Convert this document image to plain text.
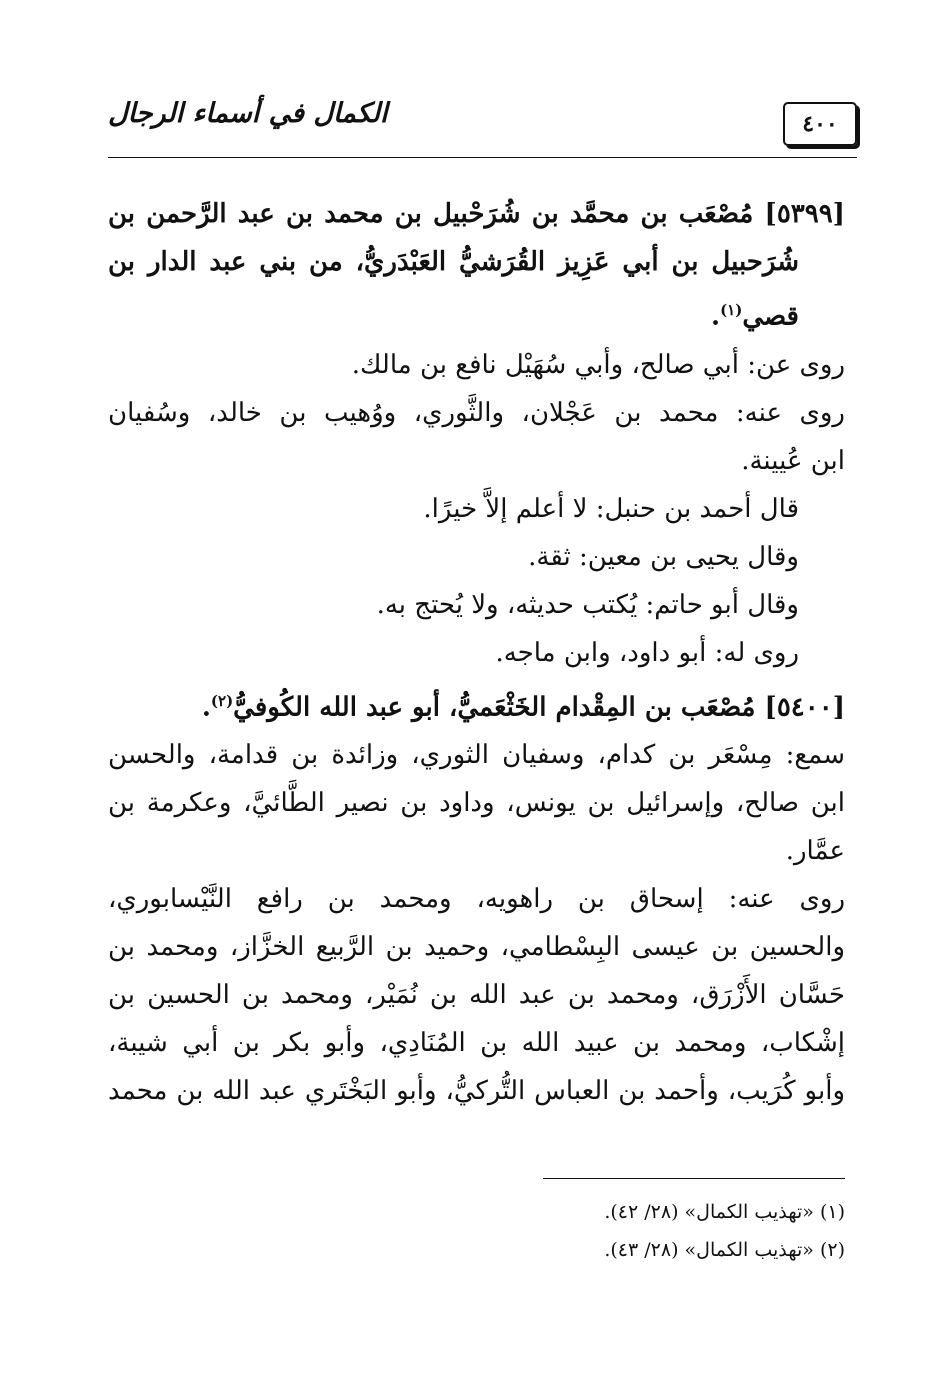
٤٠٠
الكمال في أسماء الرجال
[٥٣٩٩] مُصْعَب بن محمَّد بن شُرَحْبيل بن محمد بن عبد الرَّحمن بن
شُرَحبيل بن أبي عَزِيز القُرَشيُّ العَبْدَريُّ، من بني عبد الدار بن
قصي$^{(١)}$.
روى عن: أبي صالح، وأبي سُهَيْل نافع بن مالك.
روى عنه: محمد بن عَجْلان، والثَّوري، ووُهيب بن خالد، وسُفيان
ابن عُيينة.
قال أحمد بن حنبل: لا أعلم إلاَّ خيرًا.
وقال يحيى بن معين: ثقة.
وقال أبو حاتم: يُكتب حديثه، ولا يُحتج به.
روى له: أبو داود، وابن ماجه.
[٥٤٠٠] مُصْعَب بن المِقْدام الخَثْعَميُّ، أبو عبد الله الكُوفيُّ$^{(٢)}$.
سمع: مِسْعَر بن كدام، وسفيان الثوري، وزائدة بن قدامة، والحسن
ابن صالح، وإسرائيل بن يونس، وداود بن نصير الطَّائيَّ، وعكرمة بن
عمَّار.
روى عنه: إسحاق بن راهويه، ومحمد بن رافع النَّيْسابوري،
والحسين بن عيسى البِسْطامي، وحميد بن الرَّبيع الخزَّاز، ومحمد بن
حَسَّان الأَزْرَق، ومحمد بن عبد الله بن نُمَيْر، ومحمد بن الحسين بن
إشْكاب، ومحمد بن عبيد الله بن المُنَادِي، وأبو بكر بن أبي شيبة،
وأبو كُرَيب، وأحمد بن العباس التُّركيُّ، وأبو البَخْتَري عبد الله بن محمد
(١) «تهذيب الكمال» (٢٨/ ٤٢).
(٢) «تهذيب الكمال» (٢٨/ ٤٣).
